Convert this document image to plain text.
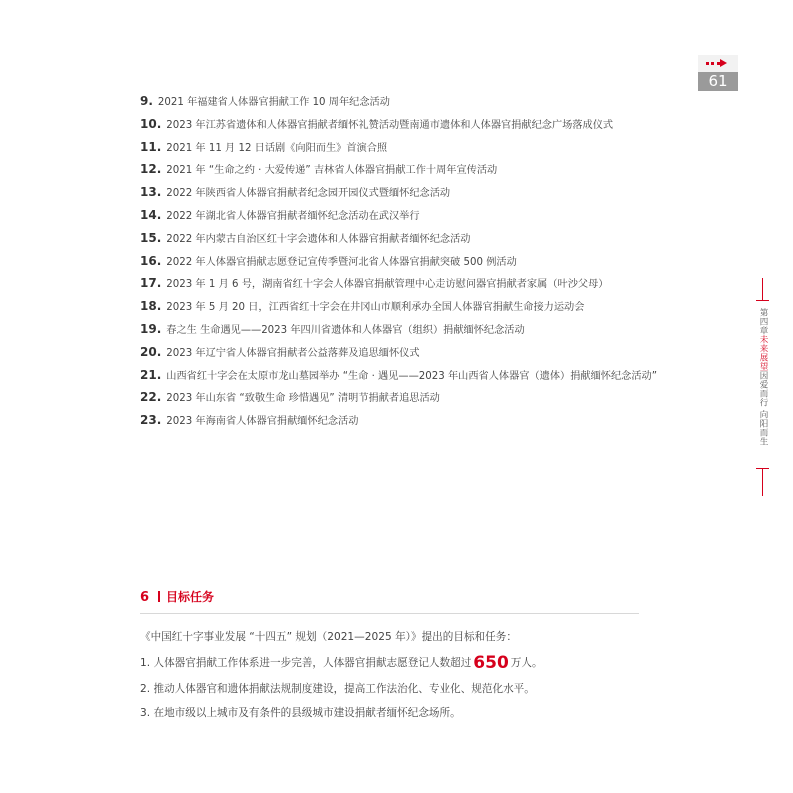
61
9. 2021 年福建省人体器官捐献工作 10 周年纪念活动
10. 2023 年江苏省遗体和人体器官捐献者缅怀礼赞活动暨南通市遗体和人体器官捐献纪念广场落成仪式
11. 2021 年 11 月 12 日话剧《向阳而生》首演合照
12. 2021 年 “生命之约 · 大爱传递” 吉林省人体器官捐献工作十周年宣传活动
13. 2022 年陕西省人体器官捐献者纪念园开园仪式暨缅怀纪念活动
14. 2022 年湖北省人体器官捐献者缅怀纪念活动在武汉举行
15. 2022 年内蒙古自治区红十字会遗体和人体器官捐献者缅怀纪念活动
16. 2022 年人体器官捐献志愿登记宣传季暨河北省人体器官捐献突破 500 例活动
17. 2023 年 1 月 6 号，湖南省红十字会人体器官捐献管理中心走访慰问器官捐献者家属（叶沙父母）
18. 2023 年 5 月 20 日，江西省红十字会在井冈山市顺利承办全国人体器官捐献生命接力运动会
19. 春之生 生命遇见——2023 年四川省遗体和人体器官（组织）捐献缅怀纪念活动
20. 2023 年辽宁省人体器官捐献者公益落葬及追思缅怀仪式
21. 山西省红十字会在太原市龙山墓园举办 “生命 · 遇见——2023 年山西省人体器官（遗体）捐献缅怀纪念活动”
22. 2023 年山东省 “致敬生命 珍惜遇见” 清明节捐献者追思活动
23. 2023 年海南省人体器官捐献缅怀纪念活动
第四章未来展望因爱而行 向阳而生
6 目标任务
《中国红十字事业发展 “十四五” 规划（2021—2025 年）》提出的目标和任务：
1. 人体器官捐献工作体系进一步完善，人体器官捐献志愿登记人数超过 650 万人。
2. 推动人体器官和遗体捐献法规制度建设，提高工作法治化、专业化、规范化水平。
3. 在地市级以上城市及有条件的县级城市建设捐献者缅怀纪念场所。
